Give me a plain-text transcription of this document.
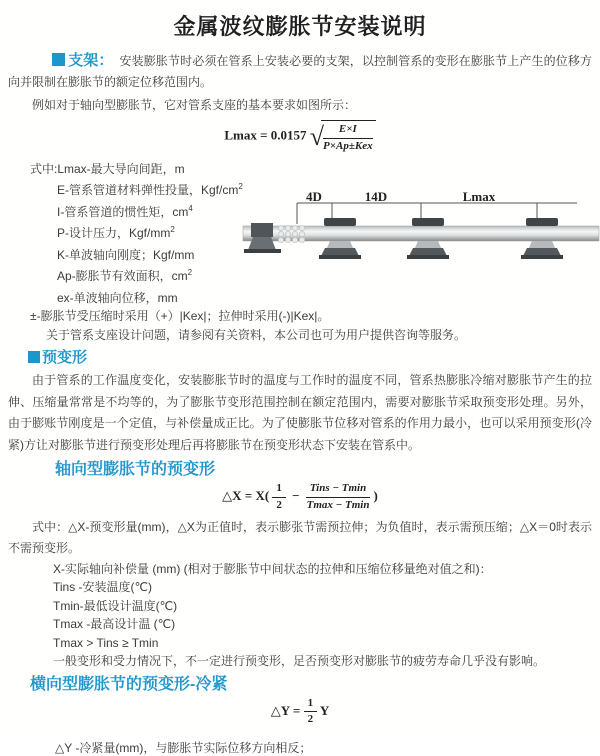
金属波纹膨胀节安装说明

支架： 安装膨胀节时必须在管系上安装必要的支架，以控制管系的变形在膨胀节上产生的位移方向并限制在膨胀节的额定位移范围内。

例如对于轴向型膨胀节，它对管系支座的基本要求如图所示：

Lmax = 0.0157 √ $\frac{E\times I}{\text{P×Ap±Kex}}$
式中:Lmax-最大导向间距，m
E-管系管道材料弹性投量，Kgf/$cm^2$
I-管系管道的惯性矩，$cm^4$
P-设计压力，Kgf/$mm^2$
K-单波轴向刚度；Kgf/mm
Ap-膨胀节有效面积，$cm^2$
ex-单波轴向位移，mm
±-膨胀节受压缩时采用（+）|Kex|；拉伸时采用(-)|Kex|。
关于管系支座设计问题，请参阅有关资料，本公司也可为用户提供咨询等服务。
4D	14D	Lmax
预变形

由于管系的工作温度变化，安装膨胀节时的温度与工作时的温度不同，管系热膨胀冷缩对膨胀节产生的拉伸、压缩量常常是不均等的，为了膨胀节变形范围控制在额定范围内，需要对膨胀节采取预变形处理。另外，由于膨账节刚度是一个定值，与补偿量成正比。为了使膨胀节位移对管系的作用力最小，也可以采用预变形(冷紧)方让对膨胀节进行预变形处理后再将膨胀节在预变形状态下安装在管系中。

轴向型膨胀节的预变形
△X = $X( \frac{1}{2} - \frac{\text{Tins − Tmin}}{Tmax - Tmin}$ )

式中：△X-预变形量(mm)，△X为正值时，表示膨张节需预拉伸；为负值时，表示需预压缩；△X＝0时表示不需预变形。

X-实际轴向补偿量 (mm) (相对于膨胀节中间状态的拉伸和压缩位移量绝对值之和)：
Tins -安装温度(℃)
Tmin-最低设计温度(℃)
Tmax -最高设计温 (℃)
Tmax > Tins ≥ Tmin
一般变形和受力情况下，不一定进行预变形，足否预变形对膨胀节的疲劳寿命几乎没有影响。
横向型膨胀节的预变形-冷紧
△Y = $\frac{1}{2}$ Y
△Y -冷紧量(mm)，与膨胀节实际位移方向相反；
